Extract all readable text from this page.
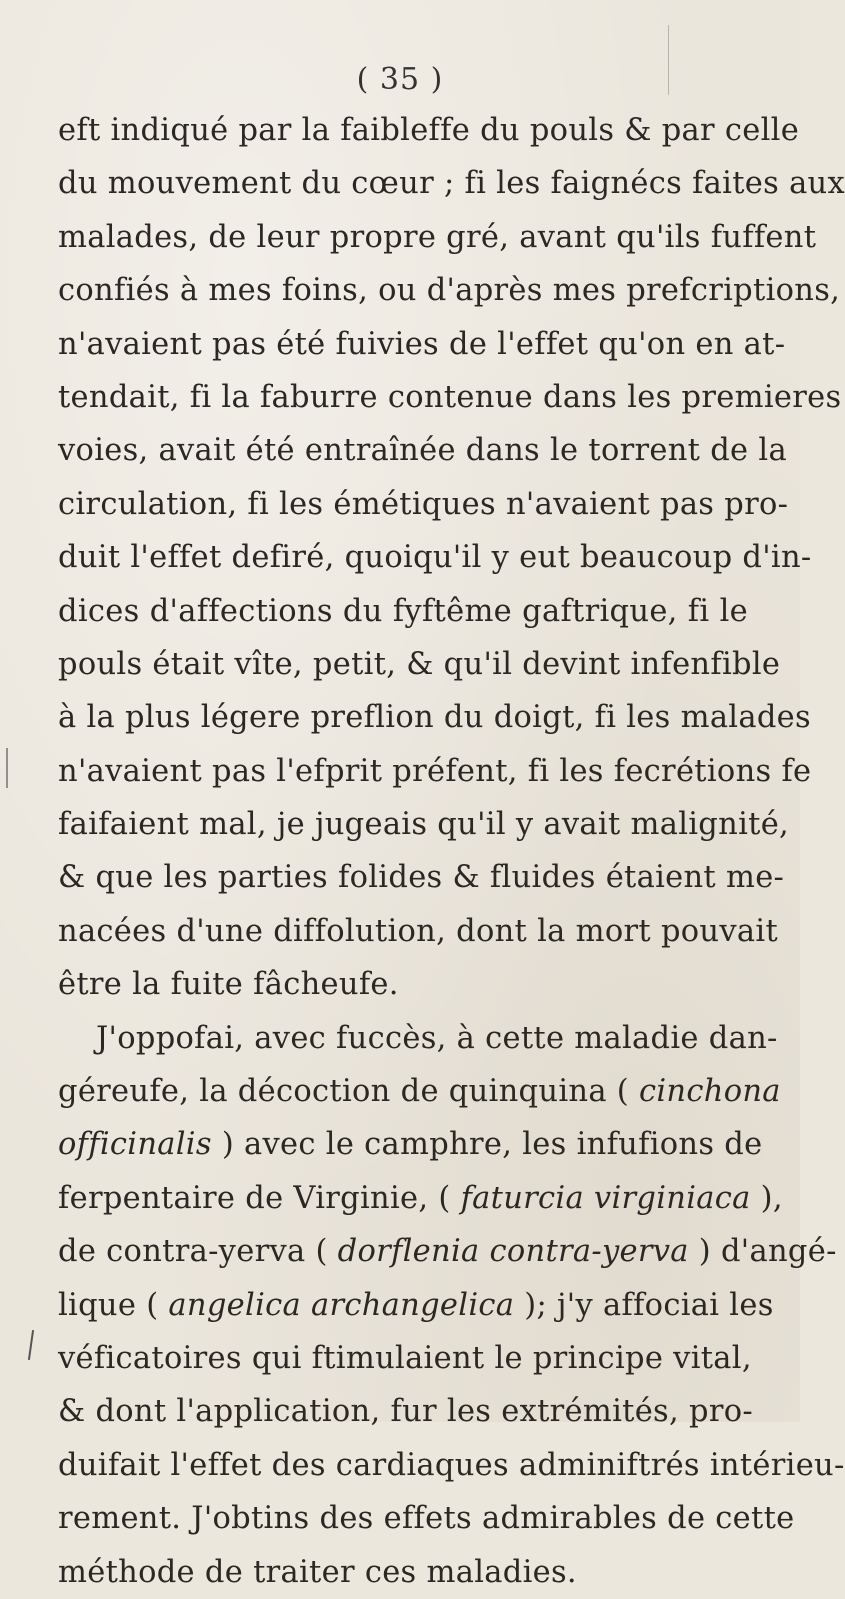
( 35 )
eft indiqué par la faibleffe du pouls & par celle
du mouvement du cœur ; fi les faignécs faites aux
malades, de leur propre gré, avant qu'ils fuffent
confiés à mes foins, ou d'après mes prefcriptions,
n'avaient pas été fuivies de l'effet qu'on en at-
tendait, fi la faburre contenue dans les premieres
voies, avait été entraînée dans le torrent de la
circulation, fi les émétiques n'avaient pas pro-
duit l'effet defiré, quoiqu'il y eut beaucoup d'in-
dices d'affections du fyftême gaftrique, fi le
pouls était vîte, petit, & qu'il devint infenfible
à la plus légere preflion du doigt, fi les malades
n'avaient pas l'efprit préfent, fi les fecrétions fe
faifaient mal, je jugeais qu'il y avait malignité,
& que les parties folides & fluides étaient me-
nacées d'une diffolution, dont la mort pouvait
être la fuite fâcheufe.
J'oppofai, avec fuccès, à cette maladie dan-
géreufe, la décoction de quinquina ( cinchona
officinalis ) avec le camphre, les infufions de
ferpentaire de Virginie, ( faturcia virginiaca ),
de contra-yerva ( dorflenia contra-yerva ) d'angé-
lique ( angelica archangelica ); j'y affociai les
véficatoires qui ftimulaient le principe vital,
& dont l'application, fur les extrémités, pro-
duifait l'effet des cardiaques adminiftrés intérieu-
rement. J'obtins des effets admirables de cette
méthode de traiter ces maladies.
